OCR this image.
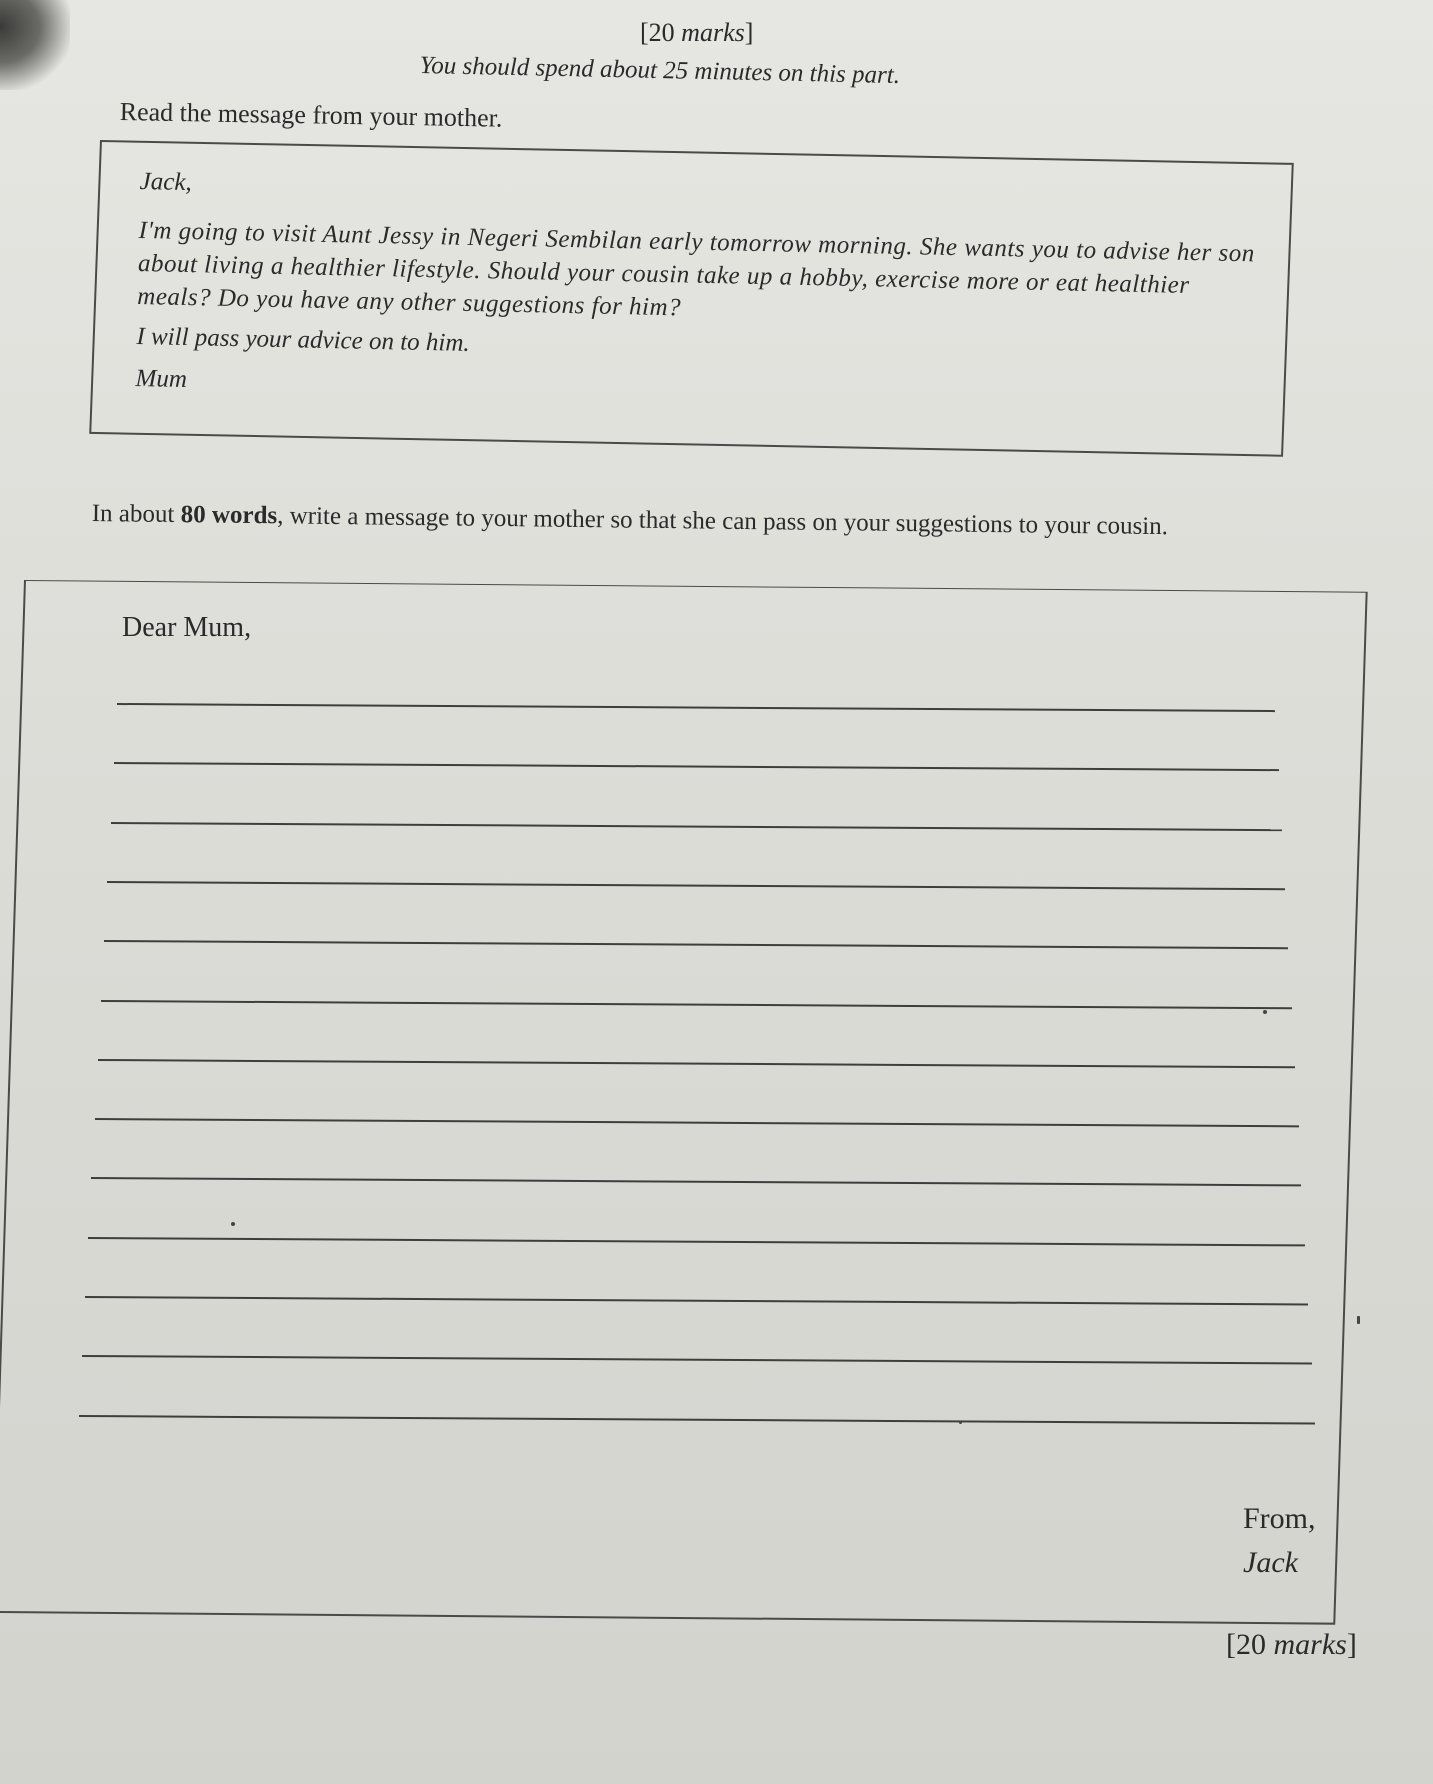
[20 marks]
You should spend about 25 minutes on this part.
Read the message from your mother.

Jack,

I'm going to visit Aunt Jessy in Negeri Sembilan early tomorrow morning. She wants you to advise her son about living a healthier lifestyle. Should your cousin take up a hobby, exercise more or eat healthier meals? Do you have any other suggestions for him?

I will pass your advice on to him.

Mum

In about 80 words, write a message to your mother so that she can pass on your suggestions to your cousin.
Dear Mum,
From,
Jack
[20 marks]
